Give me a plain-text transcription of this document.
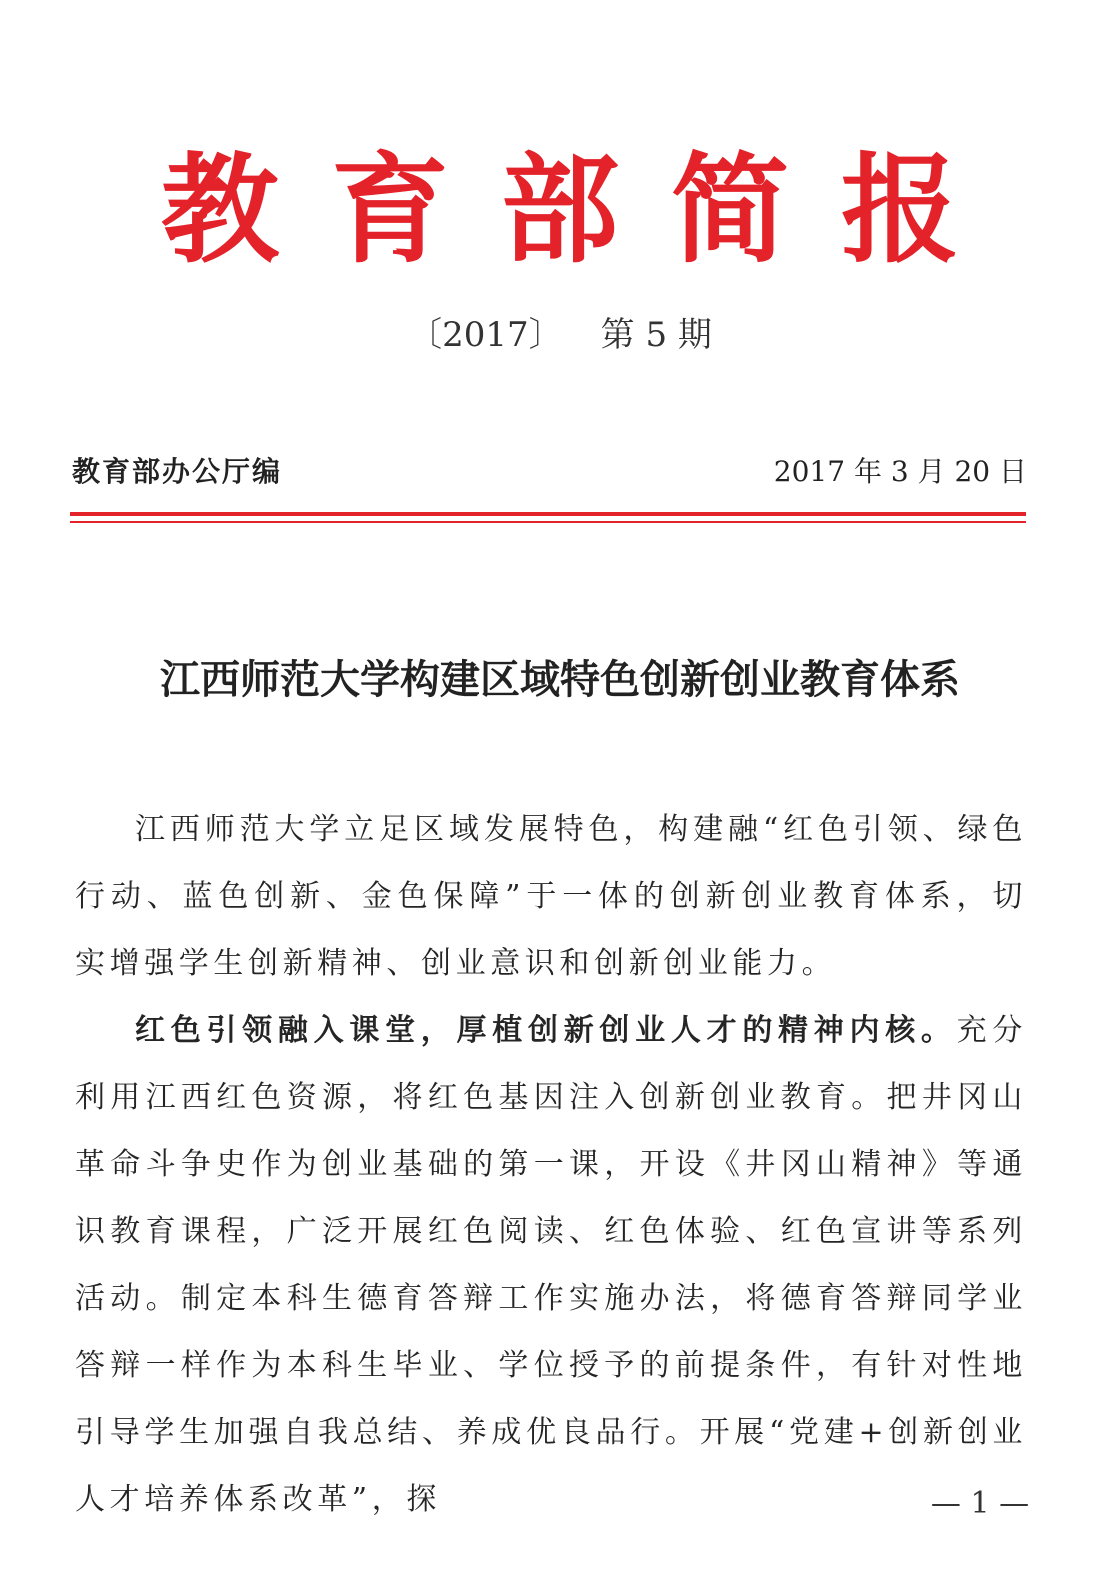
教育部简报
〔2017〕 第 5 期
教育部办公厅编	2017 年 3 月 20 日
江西师范大学构建区域特色创新创业教育体系

江西师范大学立足区域发展特色，构建融“红色引领、绿色行动、蓝色创新、金色保障”于一体的创新创业教育体系，切实增强学生创新精神、创业意识和创新创业能力。

红色引领融入课堂，厚植创新创业人才的精神内核。充分利用江西红色资源，将红色基因注入创新创业教育。把井冈山革命斗争史作为创业基础的第一课，开设《井冈山精神》等通识教育课程，广泛开展红色阅读、红色体验、红色宣讲等系列活动。制定本科生德育答辩工作实施办法，将德育答辩同学业答辩一样作为本科生毕业、学位授予的前提条件，有针对性地引导学生加强自我总结、养成优良品行。开展“党建+创新创业人才培养体系改革”，探	— 1 —
